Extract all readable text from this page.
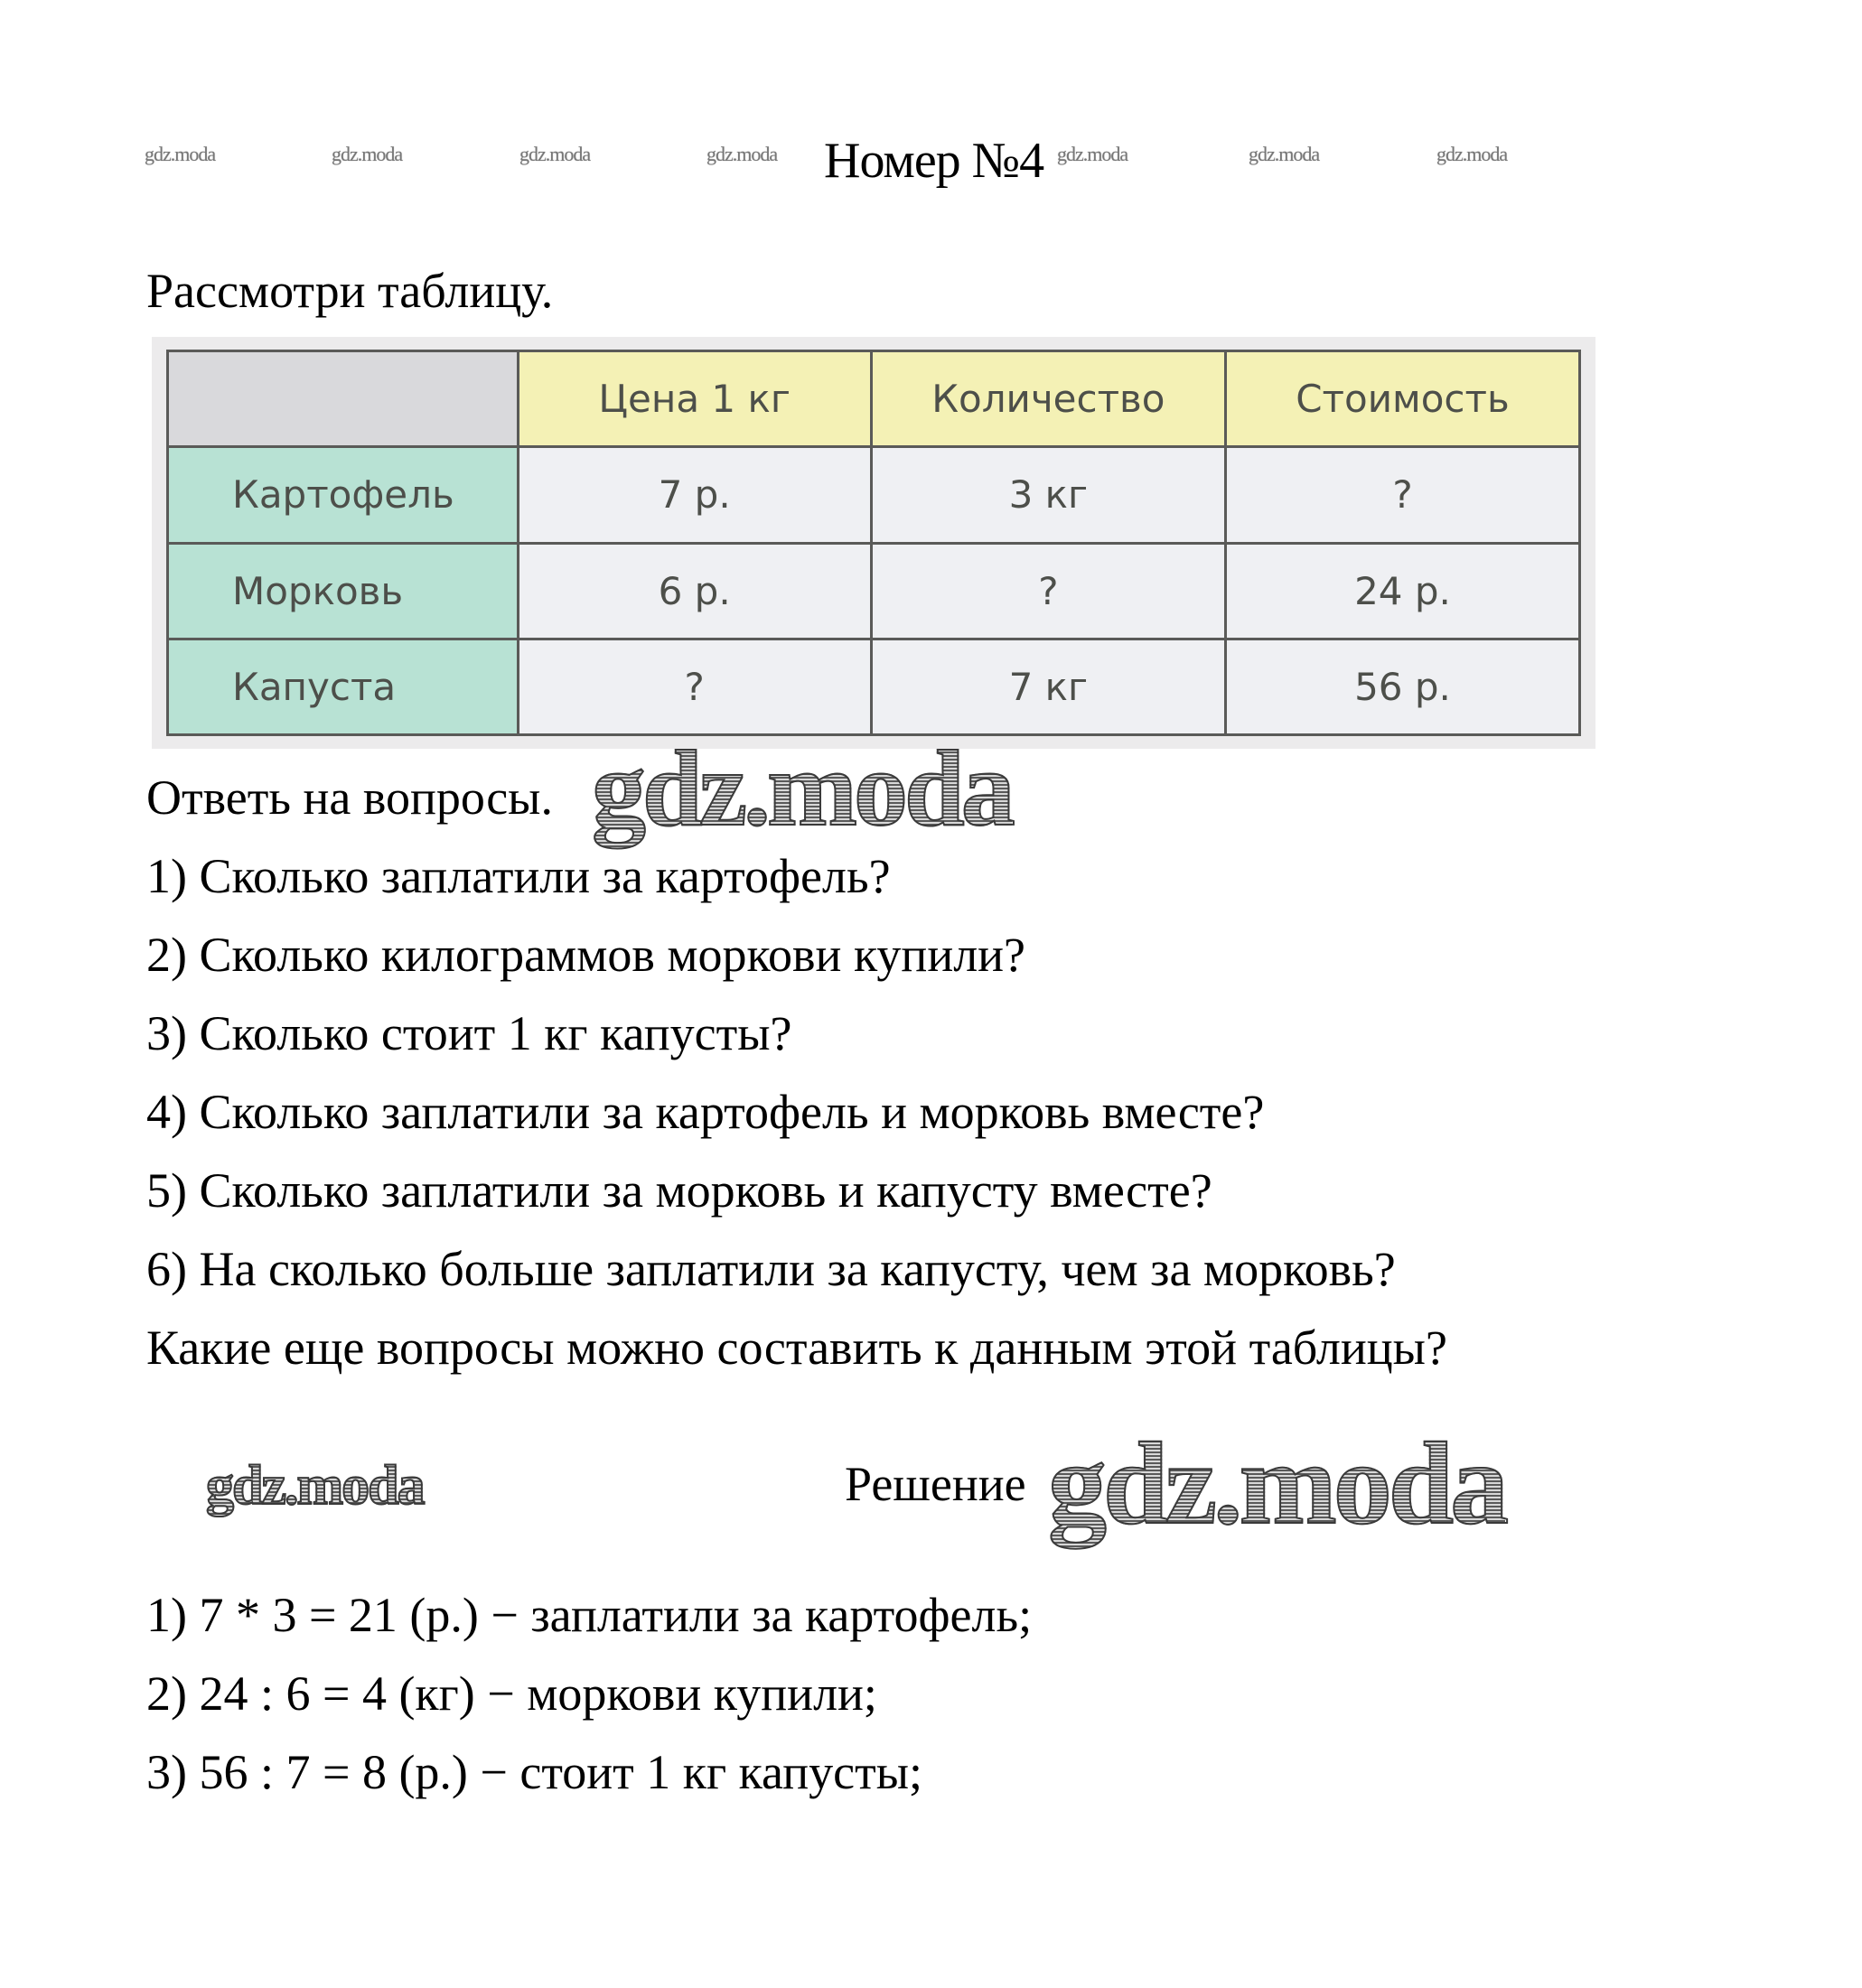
gdz.moda	gdz.moda	gdz.moda	gdz.moda	gdz.moda	gdz.moda	gdz.moda
Номер №4
Рассмотри таблицу.
	Цена 1 кг	Количество	Стоимость
Картофель	7 р.	3 кг	?
Морковь	6 р.	?	24 р.
Капуста	?	7 кг	56 р.
Ответь на вопросы. gdz.moda
1) Сколько заплатили за картофель?
2) Сколько килограммов моркови купили?
3) Сколько стоит 1 кг капусты?
4) Сколько заплатили за картофель и морковь вместе?
5) Сколько заплатили за морковь и капусту вместе?
6) На сколько больше заплатили за капусту, чем за морковь?
Какие еще вопросы можно составить к данным этой таблицы?
gdz.moda	Решение gdz.moda
1) 7 * 3 = 21 (р.) − заплатили за картофель;
2) 24 : 6 = 4 (кг) − моркови купили;
3) 56 : 7 = 8 (р.) − стоит 1 кг капусты;
